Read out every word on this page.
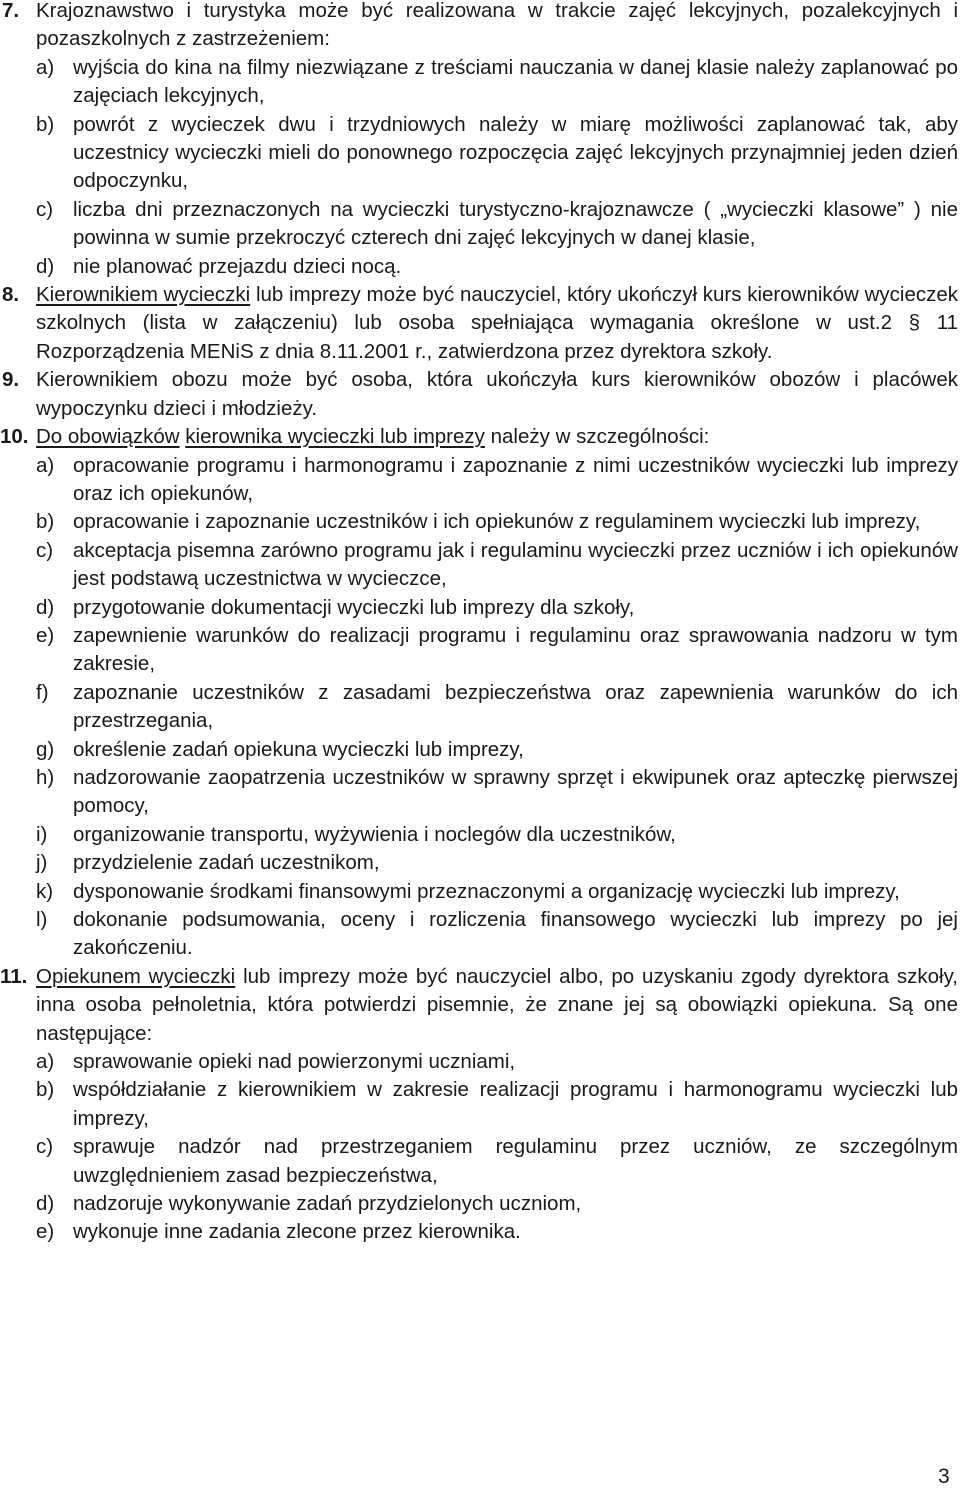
7. Krajoznawstwo i turystyka może być realizowana w trakcie zajęć lekcyjnych, pozalekcyjnych i pozaszkolnych z zastrzeżeniem:
a) wyjścia do kina na filmy niezwiązane z treściami nauczania w danej klasie należy zaplanować po zajęciach lekcyjnych,
b) powrót z wycieczek dwu i trzydniowych należy w miarę możliwości zaplanować tak, aby uczestnicy wycieczki mieli do ponownego rozpoczęcia zajęć lekcyjnych przynajmniej jeden dzień odpoczynku,
c) liczba dni przeznaczonych na wycieczki turystyczno-krajoznawcze ( „wycieczki klasowe” ) nie powinna w sumie przekroczyć czterech dni zajęć lekcyjnych w danej klasie,
d) nie planować przejazdu dzieci nocą.
8. Kierownikiem wycieczki lub imprezy może być nauczyciel, który ukończył kurs kierowników wycieczek szkolnych (lista w załączeniu) lub osoba spełniająca wymagania określone w ust.2 § 11 Rozporządzenia MENiS z dnia 8.11.2001 r., zatwierdzona przez dyrektora szkoły.
9. Kierownikiem obozu może być osoba, która ukończyła kurs kierowników obozów i placówek wypoczynku dzieci i młodzieży.
10. Do obowiązków kierownika wycieczki lub imprezy należy w szczególności:
a) opracowanie programu i harmonogramu i zapoznanie z nimi uczestników wycieczki lub imprezy oraz ich opiekunów,
b) opracowanie i zapoznanie uczestników i ich opiekunów z regulaminem wycieczki lub imprezy,
c) akceptacja pisemna zarówno programu jak i regulaminu wycieczki przez uczniów i ich opiekunów jest podstawą uczestnictwa w wycieczce,
d) przygotowanie dokumentacji wycieczki lub imprezy dla szkoły,
e) zapewnienie warunków do realizacji programu i regulaminu oraz sprawowania nadzoru w tym zakresie,
f) zapoznanie uczestników z zasadami bezpieczeństwa oraz zapewnienia warunków do ich przestrzegania,
g) określenie zadań opiekuna wycieczki lub imprezy,
h) nadzorowanie zaopatrzenia uczestników w sprawny sprzęt i ekwipunek oraz apteczkę pierwszej pomocy,
i) organizowanie transportu, wyżywienia i noclegów dla uczestników,
j) przydzielenie zadań uczestnikom,
k) dysponowanie środkami finansowymi przeznaczonymi a organizację wycieczki lub imprezy,
l) dokonanie podsumowania, oceny i rozliczenia finansowego wycieczki lub imprezy po jej zakończeniu.
11. Opiekunem wycieczki lub imprezy może być nauczyciel albo, po uzyskaniu zgody dyrektora szkoły, inna osoba pełnoletnia, która potwierdzi pisemnie, że znane jej są obowiązki opiekuna. Są one następujące:
a) sprawowanie opieki nad powierzonymi uczniami,
b) współdziałanie z kierownikiem w zakresie realizacji programu i harmonogramu wycieczki lub imprezy,
c) sprawuje nadzór nad przestrzeganiem regulaminu przez uczniów, ze szczególnym uwzględnieniem zasad bezpieczeństwa,
d) nadzoruje wykonywanie zadań przydzielonych uczniom,
e) wykonuje inne zadania zlecone przez kierownika.
3
